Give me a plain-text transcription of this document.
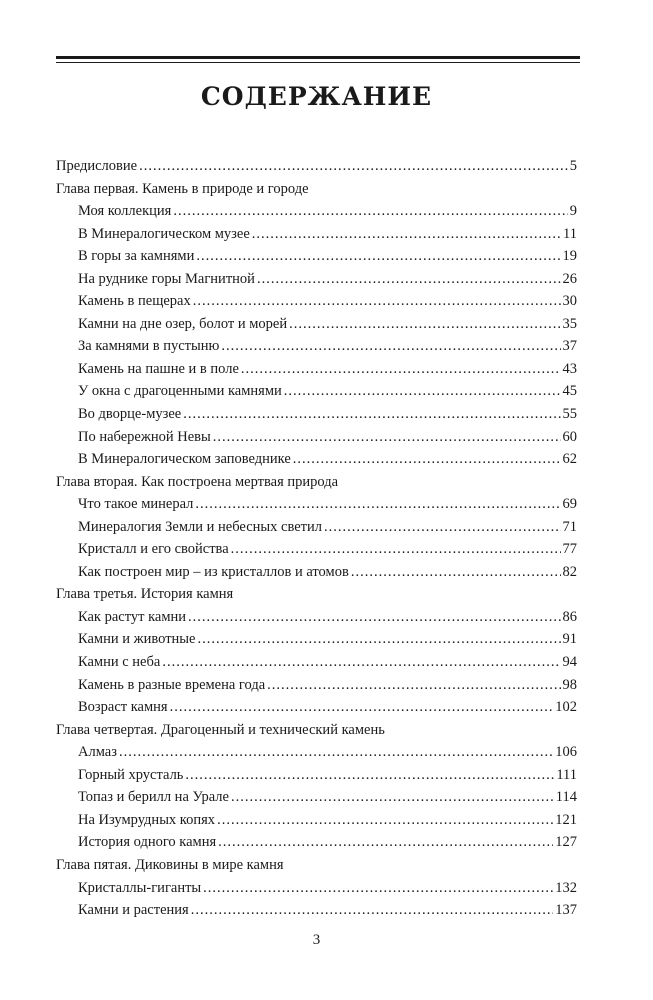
СОДЕРЖАНИЕ
Предисловие .....	5
Глава первая. Камень в природе и городе
Моя коллекция .....	9
В Минералогическом музее .....	11
В горы за камнями .....	19
На руднике горы Магнитной .....	26
Камень в пещерах .....	30
Камни на дне озер, болот и морей .....	35
За камнями в пустыню .....	37
Камень на пашне и в поле .....	43
У окна с драгоценными камнями .....	45
Во дворце-музее .....	55
По набережной Невы .....	60
В Минералогическом заповеднике .....	62
Глава вторая. Как построена мертвая природа
Что такое минерал .....	69
Минералогия Земли и небесных светил .....	71
Кристалл и его свойства .....	77
Как построен мир – из кристаллов и атомов .....	82
Глава третья. История камня
Как растут камни .....	86
Камни и животные .....	91
Камни с неба .....	94
Камень в разные времена года .....	98
Возраст камня .....	102
Глава четвертая. Драгоценный и технический камень
Алмаз .....	106
Горный хрусталь .....	111
Топаз и берилл на Урале .....	114
На Изумрудных копях .....	121
История одного камня .....	127
Глава пятая. Диковины в мире камня
Кристаллы-гиганты .....	132
Камни и растения .....	137
3
